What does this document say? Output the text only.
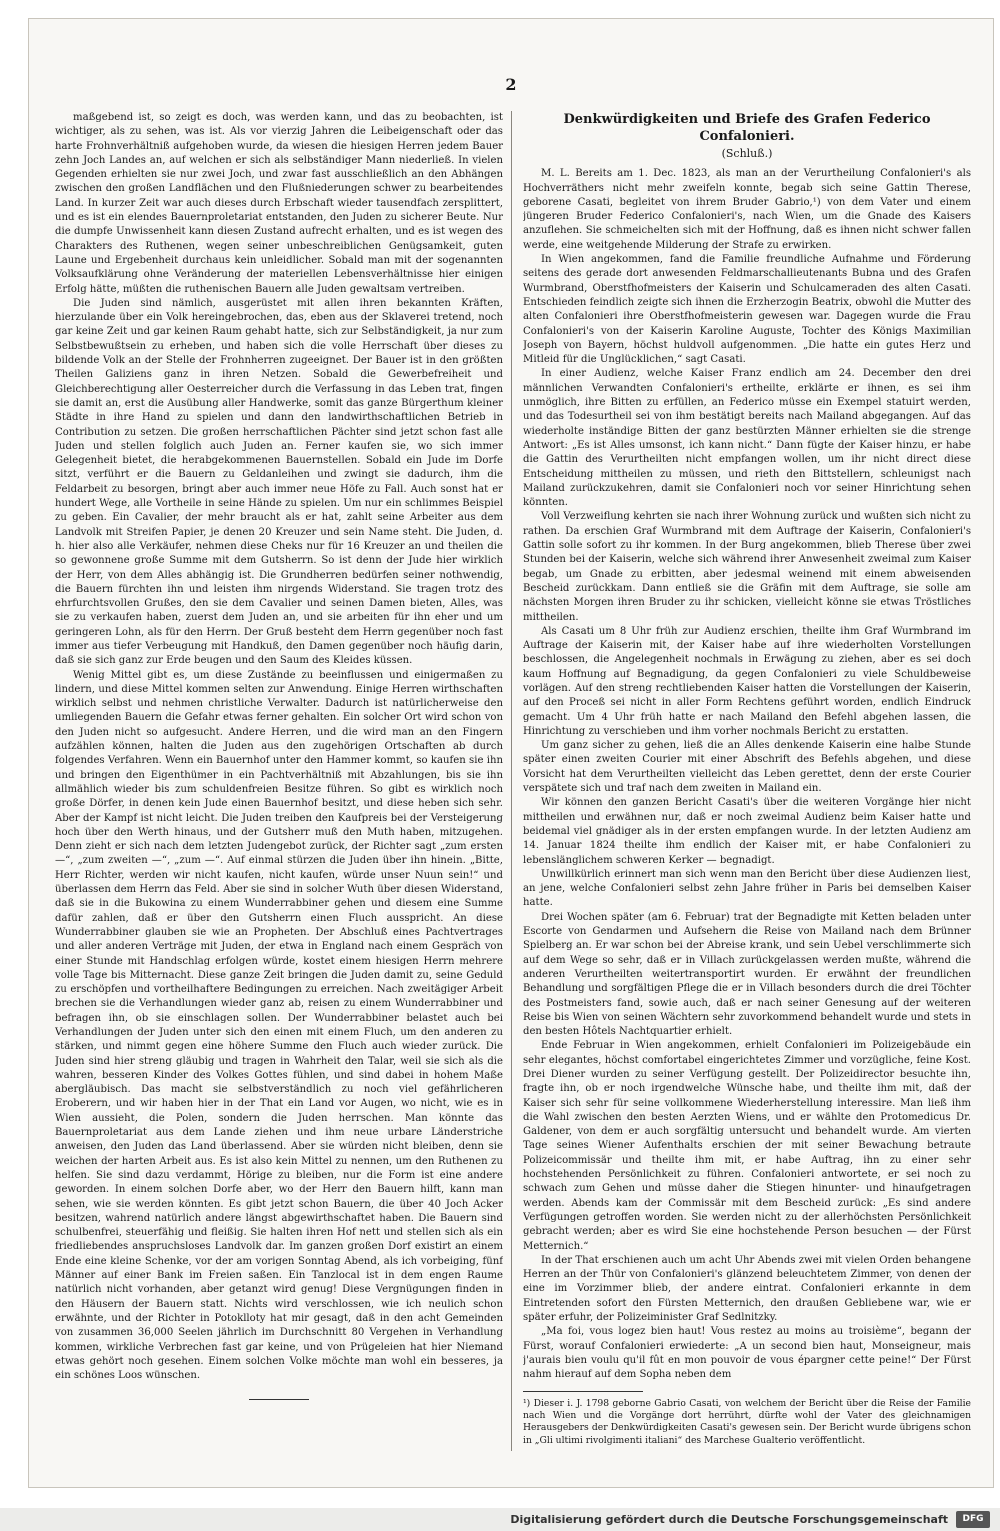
2

maßgebend ist, so zeigt es doch, was werden kann, und das zu beobachten, ist wichtiger, als zu sehen, was ist. Als vor vierzig Jahren die Leibeigenschaft oder das harte Frohnverhältniß aufgehoben wurde, da wiesen die hiesigen Herren jedem Bauer zehn Joch Landes an, auf welchen er sich als selbständiger Mann niederließ. In vielen Gegenden erhielten sie nur zwei Joch, und zwar fast ausschließlich an den Abhängen zwischen den großen Landflächen und den Flußniederungen schwer zu bearbeitendes Land. In kurzer Zeit war auch dieses durch Erbschaft wieder tausendfach zersplittert, und es ist ein elendes Bauernproletariat entstanden, den Juden zu sicherer Beute. Nur die dumpfe Unwissenheit kann diesen Zustand aufrecht erhalten, und es ist wegen des Charakters des Ruthenen, wegen seiner unbeschreiblichen Genügsamkeit, guten Laune und Ergebenheit durchaus kein unleidlicher. Sobald man mit der sogenannten Volksaufklärung ohne Veränderung der materiellen Lebensverhältnisse hier einigen Erfolg hätte, müßten die ruthenischen Bauern alle Juden gewaltsam vertreiben.

Die Juden sind nämlich, ausgerüstet mit allen ihren bekannten Kräften, hierzulande über ein Volk hereingebrochen, das, eben aus der Sklaverei tretend, noch gar keine Zeit und gar keinen Raum gehabt hatte, sich zur Selbständigkeit, ja nur zum Selbstbewußtsein zu erheben, und haben sich die volle Herrschaft über dieses zu bildende Volk an der Stelle der Frohnherren zugeeignet. Der Bauer ist in den größten Theilen Galiziens ganz in ihren Netzen. Sobald die Gewerbefreiheit und Gleichberechtigung aller Oesterreicher durch die Verfassung in das Leben trat, fingen sie damit an, erst die Ausübung aller Handwerke, somit das ganze Bürgerthum kleiner Städte in ihre Hand zu spielen und dann den landwirthschaftlichen Betrieb in Contribution zu setzen. Die großen herrschaftlichen Pächter sind jetzt schon fast alle Juden und stellen folglich auch Juden an. Ferner kaufen sie, wo sich immer Gelegenheit bietet, die herabgekommenen Bauernstellen. Sobald ein Jude im Dorfe sitzt, verführt er die Bauern zu Geldanleihen und zwingt sie dadurch, ihm die Feldarbeit zu besorgen, bringt aber auch immer neue Höfe zu Fall. Auch sonst hat er hundert Wege, alle Vortheile in seine Hände zu spielen. Um nur ein schlimmes Beispiel zu geben. Ein Cavalier, der mehr braucht als er hat, zahlt seine Arbeiter aus dem Landvolk mit Streifen Papier, je denen 20 Kreuzer und sein Name steht. Die Juden, d. h. hier also alle Verkäufer, nehmen diese Cheks nur für 16 Kreuzer an und theilen die so gewonnene große Summe mit dem Gutsherrn. So ist denn der Jude hier wirklich der Herr, von dem Alles abhängig ist. Die Grundherren bedürfen seiner nothwendig, die Bauern fürchten ihn und leisten ihm nirgends Widerstand. Sie tragen trotz des ehrfurchtsvollen Grußes, den sie dem Cavalier und seinen Damen bieten, Alles, was sie zu verkaufen haben, zuerst dem Juden an, und sie arbeiten für ihn eher und um geringeren Lohn, als für den Herrn. Der Gruß besteht dem Herrn gegenüber noch fast immer aus tiefer Verbeugung mit Handkuß, den Damen gegenüber noch häufig darin, daß sie sich ganz zur Erde beugen und den Saum des Kleides küssen.

Wenig Mittel gibt es, um diese Zustände zu beeinflussen und einigermaßen zu lindern, und diese Mittel kommen selten zur Anwendung. Einige Herren wirthschaften wirklich selbst und nehmen christliche Verwalter. Dadurch ist natürlicherweise den umliegenden Bauern die Gefahr etwas ferner gehalten. Ein solcher Ort wird schon von den Juden nicht so aufgesucht. Andere Herren, und die wird man an den Fingern aufzählen können, halten die Juden aus den zugehörigen Ortschaften ab durch folgendes Verfahren. Wenn ein Bauernhof unter den Hammer kommt, so kaufen sie ihn und bringen den Eigenthümer in ein Pachtverhältniß mit Abzahlungen, bis sie ihn allmählich wieder bis zum schuldenfreien Besitze führen. So gibt es wirklich noch große Dörfer, in denen kein Jude einen Bauernhof besitzt, und diese heben sich sehr. Aber der Kampf ist nicht leicht. Die Juden treiben den Kaufpreis bei der Versteigerung hoch über den Werth hinaus, und der Gutsherr muß den Muth haben, mitzugehen. Denn zieht er sich nach dem letzten Judengebot zurück, der Richter sagt „zum ersten —“, „zum zweiten —“, „zum —“. Auf einmal stürzen die Juden über ihn hinein. „Bitte, Herr Richter, werden wir nicht kaufen, nicht kaufen, würde unser Nuun sein!“ und überlassen dem Herrn das Feld. Aber sie sind in solcher Wuth über diesen Widerstand, daß sie in die Bukowina zu einem Wunderrabbiner gehen und diesem eine Summe dafür zahlen, daß er über den Gutsherrn einen Fluch ausspricht. An diese Wunderrabbiner glauben sie wie an Propheten. Der Abschluß eines Pachtvertrages und aller anderen Verträge mit Juden, der etwa in England nach einem Gespräch von einer Stunde mit Handschlag erfolgen würde, kostet einem hiesigen Herrn mehrere volle Tage bis Mitternacht. Diese ganze Zeit bringen die Juden damit zu, seine Geduld zu erschöpfen und vortheilhaftere Bedingungen zu erreichen. Nach zweitägiger Arbeit brechen sie die Verhandlungen wieder ganz ab, reisen zu einem Wunderrabbiner und befragen ihn, ob sie einschlagen sollen. Der Wunderrabbiner belastet auch bei Verhandlungen der Juden unter sich den einen mit einem Fluch, um den anderen zu stärken, und nimmt gegen eine höhere Summe den Fluch auch wieder zurück. Die Juden sind hier streng gläubig und tragen in Wahrheit den Talar, weil sie sich als die wahren, besseren Kinder des Volkes Gottes fühlen, und sind dabei in hohem Maße abergläubisch. Das macht sie selbstverständlich zu noch viel gefährlicheren Eroberern, und wir haben hier in der That ein Land vor Augen, wo nicht, wie es in Wien aussieht, die Polen, sondern die Juden herrschen. Man könnte das Bauernproletariat aus dem Lande ziehen und ihm neue urbare Länderstriche anweisen, den Juden das Land überlassend. Aber sie würden nicht bleiben, denn sie weichen der harten Arbeit aus. Es ist also kein Mittel zu nennen, um den Ruthenen zu helfen. Sie sind dazu verdammt, Hörige zu bleiben, nur die Form ist eine andere geworden. In einem solchen Dorfe aber, wo der Herr den Bauern hilft, kann man sehen, wie sie werden könnten. Es gibt jetzt schon Bauern, die über 40 Joch Acker besitzen, wahrend natürlich andere längst abgewirthschaftet haben. Die Bauern sind schulbenfrei, steuerfähig und fleißig. Sie halten ihren Hof nett und stellen sich als ein friedliebendes anspruchsloses Landvolk dar. Im ganzen großen Dorf existirt an einem Ende eine kleine Schenke, vor der am vorigen Sonntag Abend, als ich vorbeiging, fünf Männer auf einer Bank im Freien saßen. Ein Tanzlocal ist in dem engen Raume natürlich nicht vorhanden, aber getanzt wird genug! Diese Vergnügungen finden in den Häusern der Bauern statt. Nichts wird verschlossen, wie ich neulich schon erwähnte, und der Richter in Potoklloty hat mir gesagt, daß in den acht Gemeinden von zusammen 36,000 Seelen jährlich im Durchschnitt 80 Vergehen in Verhandlung kommen, wirkliche Verbrechen fast gar keine, und von Prügeleien hat hier Niemand etwas gehört noch gesehen. Einem solchen Volke möchte man wohl ein besseres, ja ein schönes Loos wünschen.

Denkwürdigkeiten und Briefe des Grafen Federico Confalonieri.
(Schluß.)

M. L. Bereits am 1. Dec. 1823, als man an der Verurtheilung Confalonieri's als Hochverräthers nicht mehr zweifeln konnte, begab sich seine Gattin Therese, geborene Casati, begleitet von ihrem Bruder Gabrio,¹) von dem Vater und einem jüngeren Bruder Federico Confalonieri's, nach Wien, um die Gnade des Kaisers anzuflehen. Sie schmeichelten sich mit der Hoffnung, daß es ihnen nicht schwer fallen werde, eine weitgehende Milderung der Strafe zu erwirken.

In Wien angekommen, fand die Familie freundliche Aufnahme und Förderung seitens des gerade dort anwesenden Feldmarschallieutenants Bubna und des Grafen Wurmbrand, Oberstfhofmeisters der Kaiserin und Schulcameraden des alten Casati. Entschieden feindlich zeigte sich ihnen die Erzherzogin Beatrix, obwohl die Mutter des alten Confalonieri ihre Oberstfhofmeisterin gewesen war. Dagegen wurde die Frau Confalonieri's von der Kaiserin Karoline Auguste, Tochter des Königs Maximilian Joseph von Bayern, höchst huldvoll aufgenommen. „Die hatte ein gutes Herz und Mitleid für die Unglücklichen,“ sagt Casati.

In einer Audienz, welche Kaiser Franz endlich am 24. December den drei männlichen Verwandten Confalonieri's ertheilte, erklärte er ihnen, es sei ihm unmöglich, ihre Bitten zu erfüllen, an Federico müsse ein Exempel statuirt werden, und das Todesurtheil sei von ihm bestätigt bereits nach Mailand abgegangen. Auf das wiederholte inständige Bitten der ganz bestürzten Männer erhielten sie die strenge Antwort: „Es ist Alles umsonst, ich kann nicht.“ Dann fügte der Kaiser hinzu, er habe die Gattin des Verurtheilten nicht empfangen wollen, um ihr nicht direct diese Entscheidung mittheilen zu müssen, und rieth den Bittstellern, schleunigst nach Mailand zurückzukehren, damit sie Confalonieri noch vor seiner Hinrichtung sehen könnten.

Voll Verzweiflung kehrten sie nach ihrer Wohnung zurück und wußten sich nicht zu rathen. Da erschien Graf Wurmbrand mit dem Auftrage der Kaiserin, Confalonieri's Gattin solle sofort zu ihr kommen. In der Burg angekommen, blieb Therese über zwei Stunden bei der Kaiserin, welche sich während ihrer Anwesenheit zweimal zum Kaiser begab, um Gnade zu erbitten, aber jedesmal weinend mit einem abweisenden Bescheid zurückkam. Dann entließ sie die Gräfin mit dem Auftrage, sie solle am nächsten Morgen ihren Bruder zu ihr schicken, vielleicht könne sie etwas Tröstliches mittheilen.

Als Casati um 8 Uhr früh zur Audienz erschien, theilte ihm Graf Wurmbrand im Auftrage der Kaiserin mit, der Kaiser habe auf ihre wiederholten Vorstellungen beschlossen, die Angelegenheit nochmals in Erwägung zu ziehen, aber es sei doch kaum Hoffnung auf Begnadigung, da gegen Confalonieri zu viele Schuldbeweise vorlägen. Auf den streng rechtliebenden Kaiser hatten die Vorstellungen der Kaiserin, auf den Proceß sei nicht in aller Form Rechtens geführt worden, endlich Eindruck gemacht. Um 4 Uhr früh hatte er nach Mailand den Befehl abgehen lassen, die Hinrichtung zu verschieben und ihm vorher nochmals Bericht zu erstatten.

Um ganz sicher zu gehen, ließ die an Alles denkende Kaiserin eine halbe Stunde später einen zweiten Courier mit einer Abschrift des Befehls abgehen, und diese Vorsicht hat dem Verurtheilten vielleicht das Leben gerettet, denn der erste Courier verspätete sich und traf nach dem zweiten in Mailand ein.

Wir können den ganzen Bericht Casati's über die weiteren Vorgänge hier nicht mittheilen und erwähnen nur, daß er noch zweimal Audienz beim Kaiser hatte und beidemal viel gnädiger als in der ersten empfangen wurde. In der letzten Audienz am 14. Januar 1824 theilte ihm endlich der Kaiser mit, er habe Confalonieri zu lebenslänglichem schweren Kerker — begnadigt.

Unwillkürlich erinnert man sich wenn man den Bericht über diese Audienzen liest, an jene, welche Confalonieri selbst zehn Jahre früher in Paris bei demselben Kaiser hatte.

Drei Wochen später (am 6. Februar) trat der Begnadigte mit Ketten beladen unter Escorte von Gendarmen und Aufsehern die Reise von Mailand nach dem Brünner Spielberg an. Er war schon bei der Abreise krank, und sein Uebel verschlimmerte sich auf dem Wege so sehr, daß er in Villach zurückgelassen werden mußte, während die anderen Verurtheilten weitertransportirt wurden. Er erwähnt der freundlichen Behandlung und sorgfältigen Pflege die er in Villach besonders durch die drei Töchter des Postmeisters fand, sowie auch, daß er nach seiner Genesung auf der weiteren Reise bis Wien von seinen Wächtern sehr zuvorkommend behandelt wurde und stets in den besten Hôtels Nachtquartier erhielt.

Ende Februar in Wien angekommen, erhielt Confalonieri im Polizeigebäude ein sehr elegantes, höchst comfortabel eingerichtetes Zimmer und vorzügliche, feine Kost. Drei Diener wurden zu seiner Verfügung gestellt. Der Polizeidirector besuchte ihn, fragte ihn, ob er noch irgendwelche Wünsche habe, und theilte ihm mit, daß der Kaiser sich sehr für seine vollkommene Wiederherstellung interessire. Man ließ ihm die Wahl zwischen den besten Aerzten Wiens, und er wählte den Protomedicus Dr. Galdener, von dem er auch sorgfältig untersucht und behandelt wurde. Am vierten Tage seines Wiener Aufenthalts erschien der mit seiner Bewachung betraute Polizeicommissär und theilte ihm mit, er habe Auftrag, ihn zu einer sehr hochstehenden Persönlichkeit zu führen. Confalonieri antwortete, er sei noch zu schwach zum Gehen und müsse daher die Stiegen hinunter- und hinaufgetragen werden. Abends kam der Commissär mit dem Bescheid zurück: „Es sind andere Verfügungen getroffen worden. Sie werden nicht zu der allerhöchsten Persönlichkeit gebracht werden; aber es wird Sie eine hochstehende Person besuchen — der Fürst Metternich.“

In der That erschienen auch um acht Uhr Abends zwei mit vielen Orden behangene Herren an der Thür von Confalonieri's glänzend beleuchtetem Zimmer, von denen der eine im Vorzimmer blieb, der andere eintrat. Confalonieri erkannte in dem Eintretenden sofort den Fürsten Metternich, den draußen Gebliebene war, wie er später erfuhr, der Polizeiminister Graf Sedlnitzky.

„Ma foi, vous logez bien haut! Vous restez au moins au troisième“, begann der Fürst, worauf Confalonieri erwiederte: „A un second bien haut, Monseigneur, mais j'aurais bien voulu qu'il fût en mon pouvoir de vous épargner cette peine!“ Der Fürst nahm hierauf auf dem Sopha neben dem

¹) Dieser i. J. 1798 geborne Gabrio Casati, von welchem der Bericht über die Reise der Familie nach Wien und die Vorgänge dort herrührt, dürfte wohl der Vater des gleichnamigen Herausgebers der Denkwürdigkeiten Casati's gewesen sein. Der Bericht wurde übrigens schon in „Gli ultimi rivolgimenti italiani“ des Marchese Gualterio veröffentlicht.

Digitalisierung gefördert durch die Deutsche Forschungsgemeinschaft	DFG
